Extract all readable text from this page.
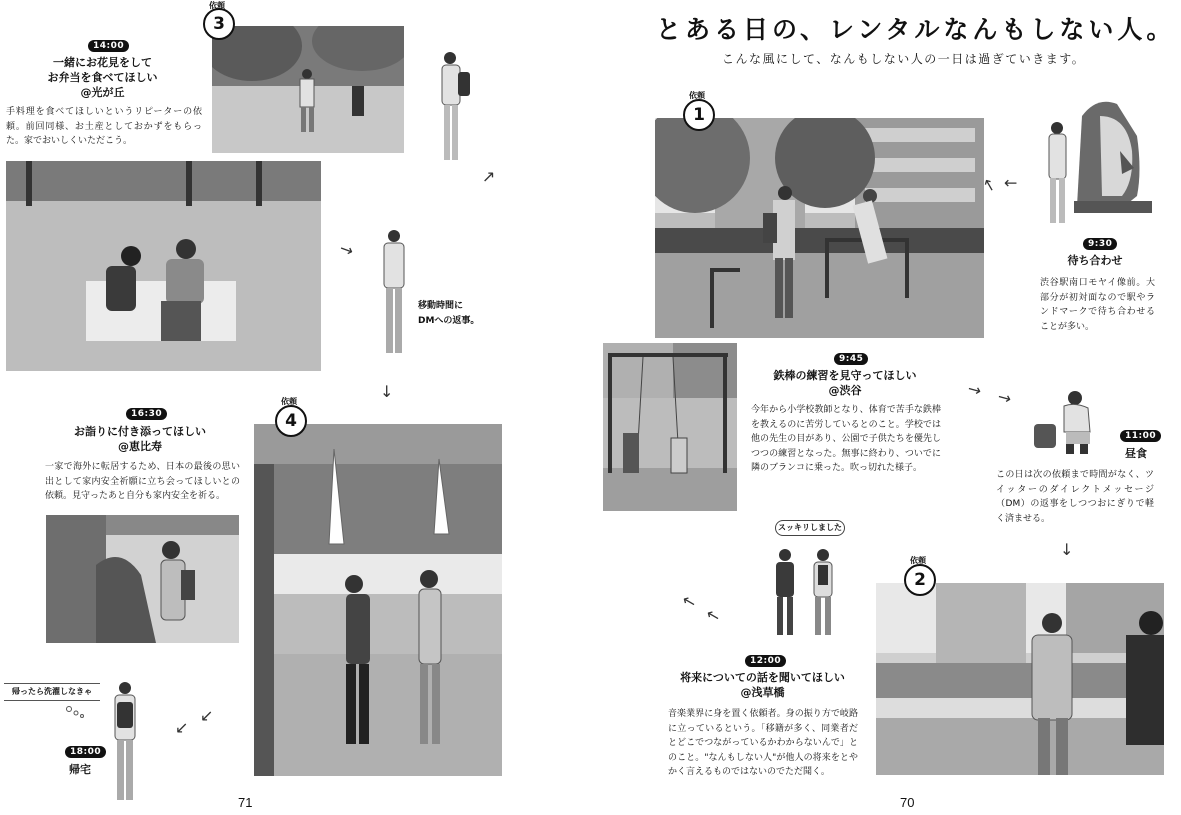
とある日の、レンタルなんもしない人。
こんな風にして、なんもしない人の一日は過ぎていきます。
1
依頼
→
→
9:30
待ち合わせ
渋谷駅南口モヤイ像前。大部分が初対面なので駅やランドマークで待ち合わせることが多い。
9:45
鉄棒の練習を見守ってほしい
@渋谷
今年から小学校教師となり、体育で苦手な鉄棒を教えるのに苦労しているとのこと。学校では他の先生の目があり、公園で子供たちを優先しつつの練習となった。無事に終わり、ついでに隣のブランコに乗った。吹っ切れた様子。
→ →
11:00
昼食
この日は次の依頼まで時間がなく、ツイッターのダイレクトメッセージ（DM）の返事をしつつおにぎりで軽く済ませる。
↓
スッキリしました
↙
↙
2
依頼
12:00
将来についての話を聞いてほしい
@浅草橋
音楽業界に身を置く依頼者。身の振り方で岐路に立っているという。「移籍が多く、同業者だとどこでつながっているかわからないんで」とのこと。"なんもしない人"が他人の将来をとやかく言えるものではないのでただ聞く。
70
3
依頼
14:00
一緒にお花見をして
お弁当を食べてほしい
@光が丘
手料理を食べてほしいというリピーターの依頼。前回同様、お土産としておかずをもらった。家でおいしくいただこう。
↙
→
移動時間に
DMへの返事。
↓
16:30
お詣りに付き添ってほしい
@恵比寿
一家で海外に転居するため、日本の最後の思い出として家内安全祈願に立ち会ってほしいとの依頼。見守ったあと自分も家内安全を祈る。
4
依頼
帰ったら洗濯しなきゃ
↙
↙
18:00
帰宅
71
